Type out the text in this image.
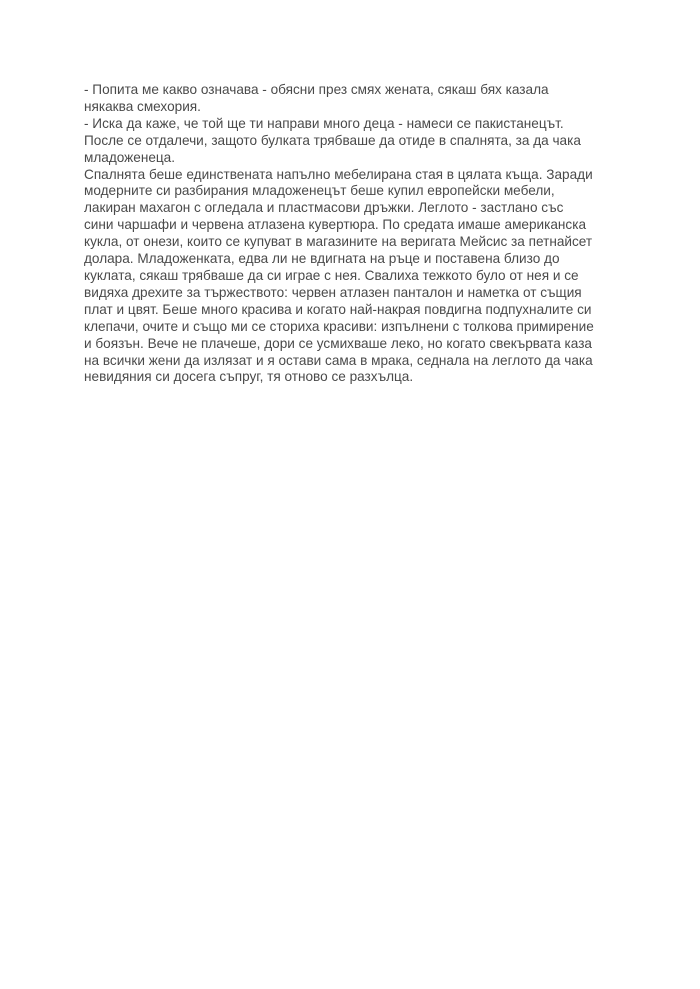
- Попита ме какво означава - обясни през смях жената, сякаш бях казала
някаква смехория.
- Иска да каже, че той ще ти направи много деца - намеси се пакистанецът.
После се отдалечи, защото булката трябваше да отиде в спалнята, за да чака
младоженеца.
Спалнята беше единствената напълно мебелирана стая в цялата къща. Заради
модерните си разбирания младоженецът беше купил европейски мебели,
лакиран махагон с огледала и пластмасови дръжки. Леглото - застлано със
сини чаршафи и червена атлазена кувертюра. По средата имаше американска
кукла, от онези, които се купуват в магазините на веригата Мейсис за петнайсет
долара. Младоженката, едва ли не вдигната на ръце и поставена близо до
куклата, сякаш трябваше да си играе с нея. Свалиха тежкото було от нея и се
видяха дрехите за тържеството: червен атлазен панталон и наметка от същия
плат и цвят. Беше много красива и когато най-накрая повдигна подпухналите си
клепачи, очите и също ми се сториха красиви: изпълнени с толкова примирение
и боязън. Вече не плачеше, дори се усмихваше леко, но когато свекървата каза
на всички жени да излязат и я остави сама в мрака, седнала на леглото да чака
невидяния си досега съпруг, тя отново се разхълца.
